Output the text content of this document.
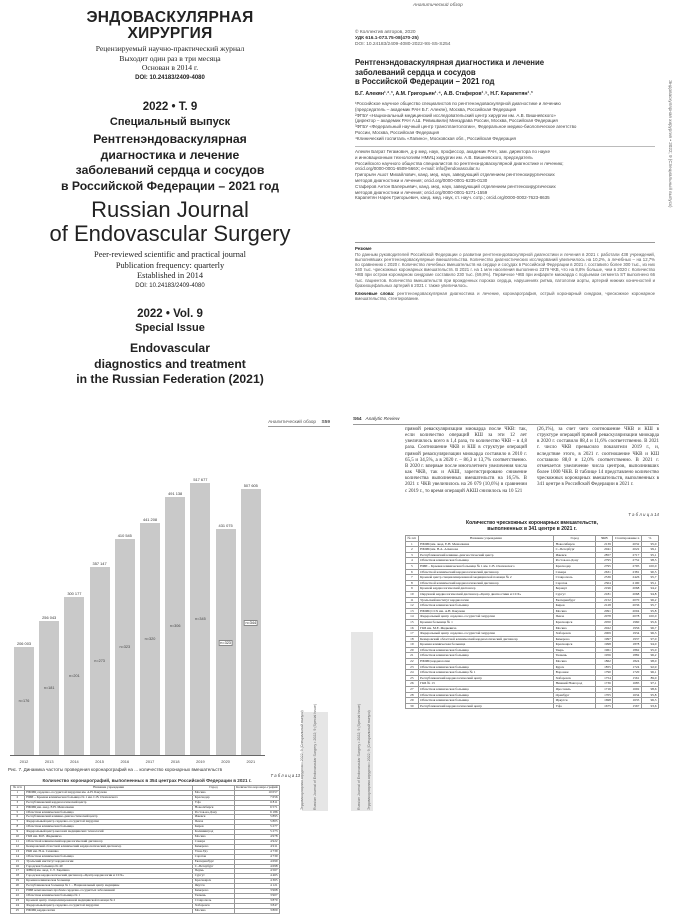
ЭНДОВАСКУЛЯРНАЯ
ХИРУРГИЯ
Рецензируемый научно-практический журнал
Выходит один раз в три месяца
Основан в 2014 г.
DOI: 10.24183/2409-4080
2022 • Т. 9
Специальный выпуск
Рентгенэндоваскулярная
диагностика и лечение
заболеваний сердца и сосудов
в Российской Федерации – 2021 год
Russian Journal
of Endovascular Surgery
Peer-reviewed scientific and practical journal
Publication frequency: quarterly
Established in 2014
DOI: 10.24183/2409-4080
2022 • Vol. 9
Special Issue
Endovascular
diagnostics and treatment
in the Russian Federation (2021)
Аналитический обзор
© Коллектив авторов, 2020
УДК 616.1-073.75-08(470-25)
DOI: 10.24183/2409-4080-2022-9S-S5-S254
Рентгенэндоваскулярная диагностика и лечение
заболеваний сердца и сосудов
в Российской Федерации – 2021 год
Б.Г. Алекян¹˒²˒³, А.М. Григорьян¹˒⁴, А.В. Стаферов¹˒⁵, Н.Г. Карапетян¹˒³
¹Российское научное общество специалистов по рентгенэндоваскулярной диагностике и лечению
(председатель – академик РАН Б.Г. Алекян), Москва, Российская Федерация
²ФГБУ «Национальный медицинский исследовательский центр хирургии им. А.В. Вишневского»
(директор – академик РАН А.Ш. Ревишвили) Минздрава России, Москва, Российская Федерация
³ФГБУ «Федеральный научный центр трансплантологии», Федеральное медико-биологическое агентство
России, Москва, Российская Федерация
⁴Клинический госпиталь «Лапино», Московская обл., Российская Федерация
Алекян Баграт Гегамович, д-р мед. наук, профессор, академик РАН, зам. директора по науке
и инновационным технологиям НМИЦ хирургии им. А.В. Вишневского, председатель
Российского научного общества специалистов по рентгенэндоваскулярной диагностике и лечению;
orcid.org/0000-0001-6509-566X; e-mail: info@endovascular.ru
Григорьян Ашот Михайлович, канд. мед. наук, заведующий отделением рентгенохирургических
методов диагностики и лечения; orcid.org/0000-0001-6235-0130
Стаферов Антон Валерьевич, канд. мед. наук, заведующий отделением рентгенохирургических
методов диагностики и лечения; orcid.org/0000-0001-5271-1559
Карапетян Нарек Григорьевич, канд. мед. наук, ст. науч. сотр.; orcid.org/0000-0002-7623-8635
Резюме
По данным руководителей Российской Федерации о развитии рентгенэндоваскулярной диагностики и лечения в 2021 г. работали 438 учреждений, выполнявших рентгенэндоваскулярные вмешательства. Количество диагностических исследований увеличилось на 10,2%, а лечебных – на 12,7% по сравнению с 2020 г. Количество лечебных вмешательств на сердце и сосудах в Российской Федерации в 2021 г. составило более 300 тыс., из них 340 тыс. чрескожных коронарных вмешательств. В 2021 г. на 1 млн населения выполнено 2379 ЧКВ, что на 8,8% больше, чем в 2020 г. Количество ЧКВ при остром коронарном синдроме составило 230 тыс. (69,8%). Первичное ЧКВ при инфаркте миокарда с подъемом сегмента ST выполнено 66 тыс. пациентов. Количество вмешательств при врожденных пороках сердца, нарушениях ритма, патологии аорты, артерий нижних конечностей и брахиоцефальных артерий в 2021 г. также увеличилось.
Ключевые слова: рентгенэндоваскулярная диагностика и лечение, коронарография, острый коронарный синдром, чрескожное коронарное вмешательство, стентирование.
Эндоваскулярная хирургия • 2022; 9 (Специальный выпуск)
Аналитический обзор S59
206 003
n=176
2012
256 043
n=181
2013
300 177
n=201
2014
357 147
n=273
2015
410 545
n=323
2016
441 208
n=320
2017
491 138
n=306
2018
517 677
n=345
2019
431 075
n=323
2020
507 605
n=344
2021
Рис. 7. Динамика частоты проведения коронарографий на ... количество коронарных вмешательств
Т а б л и ц а 13
Количество коронарографий, выполненных в 354 центрах Российской Федерации в 2021 г.
№ п/п	Название учреждения	Город	Количество коронаро-графий
1	НМИЦ сердечно-сосудистой хирургии им. А.Н. Бакулева	Москва	10 057
2	НИИ – Краевая клиническая больница № 1 им. С.В. Очаповского	Краснодар	7 656
3	Республиканский кардиологический центр	Уфа	6 811
4	НМИЦ им. акад. Е.Н. Мешалкина	Новосибирск	6 571
5	Областная клиническая больница	Ростов-на-Дону	6 186
6	Республиканский клинико-диагностический центр	Ижевск	5 895
7	Федеральный центр сердечно-сосудистой хирургии	Пенза	5 805
8	Областная клиническая больница	Киров	5 277
9	Федеральный центр высоких медицинских технологий	Калининград	5 273
10	ГКБ им. М.Е. Жадкевича	Москва	4 978
11	Областной клинический кардиологический диспансер	Самара	4 922
12	Кемеровский областной клинический кардиологический диспансер	Кемерово	4 911
13	РКБ им. Н.А. Семашко	Улан-Удэ	4 739
14	Областная клиническая больница	Саратов	4 730
15	Уральский институт кардиологии	Екатеринбург	4 699
16	Городская больница № 40	С.-Петербург	4 698
17	ФНКЦ им. акад. С.Т. Зацепина	Пермь	4 567
18	Городская кардиологический диспансер «Центр кардиологии и ССХ»	Сургут	4 465
19	Краевая клиническая больница	Красноярск	4 365
20	Республиканская больница № 1 – Национальный центр медицины	Якутск	4 121
21	НИИ комплексных проблем сердечно-сосудистых заболеваний	Кемерово	3 968
22	Областная клиническая больница № 1	Тюмень	3 907
23	Краевой центр специализированной медицинской помощи № 2	Ставрополь	3 870
24	Федеральный центр сердечно-сосудистой хирургии	Хабаровск	3 847
25	НМИЦ кардиологии	Москва	3 800
Эндоваскулярная хирургия • 2022; 9 (Специальный выпуск)	Russian Journal of Endovascular Surgery • 2022; 9 (Special Issue)
S64 Analytic Review
прямой реваскуляризации миокарда после ЧКВ: так, если количество операций КШ за эти 12 лет увеличилось всего в 1,4 раза, то количество ЧКВ – в 4,8 раза. Соотношение ЧКВ и КШ в структуре операций прямой реваскуляризации миокарда составило в 2010 г. 65,5 и 34,5%, а в 2020 г. – 86,3 и 13,7% соответственно. В 2020 г. впервые после многолетнего увеличения числа как ЧКВ, так и АКШ, зарегистрировано снижение количества выполненных вмешательств на 16,5%. В 2021 г. ЧКВ увеличилось на 26 079 (10,6%) в сравнении с 2019 г., то время операций АКШ снизилось на 10 521
(26,1%), за счет чего соотношение ЧКВ и КШ в структуре операций прямой реваскуляризации миокарда в 2020 г. составило 88,4 и 11,6% соответственно. В 2021 г. число ЧКВ превысило показатели 2019 г., и, вследствие этого, в 2021 г. соотношение ЧКВ и КШ составило 88,0 и 12,0% соответственно. В 2021 г. отмечается увеличение числа центров, выполнивших более 1000 ЧКВ. В таблице 14 представлено количество чрескожных коронарных вмешательств, выполненных в 341 центре в Российской Федерации в 2021 г.
Т а б л и ц а 14
Количество чрескожных коронарных вмешательств,
выполненных в 341 центре в 2021 г.
№ п/п	Название учреждения	Город	ЧКВ	Стентирование n	%
1	НМИЦ им. акад. Е.Н. Мешалкина	Новосибирск	2139	2032	95,0
2	НМИЦ им. В.А. Алмазова	С.-Петербург	2041	2022	99,1
3	Республиканский клинико-диагностический центр	Ижевск	2857	2717	95,1
4	Областная клиническая больница	Ростов-на-Дону	2795	2752	98,5
5	НИИ – Краевая клиническая больница № 1 им. С.В. Очаповского	Краснодар	2795	2795	100,0
6	Областной клинический кардиологический диспансер	Самара	2631	2381	90,5
7	Краевой центр специализированной медицинской помощи № 2	Ставрополь	2536	2426	95,7
8	Областной клинический кардиологический диспансер	Саратов	2304	2190	95,1
9	Краевой кардиологический диспансер	Барнаул	2196	2068	94,2
10	Окружной кардиологический диспансер «Центр диагностики и ССХ»	Сургут	2181	2068	94,8
11	Уральский институт кардиологии	Екатеринбург	2152	2070	96,2
12	Областная клиническая больница	Киров	2128	2036	95,7
13	НМИЦ ССХ им. А.Н. Бакулева	Москва	2091	2004	95,8
14	Федеральный центр сердечно-сосудистой хирургии	Пенза	2078	2078	100,0
15	Краевая больница № 1	Красноярск	2050	1960	95,6
16	ГКБ им. М.Е. Жадкевича	Москва	2022	1956	96,7
17	Федеральный центр сердечно-сосудистой хирургии	Хабаровск	2009	1934	96,3
18	Кемеровский областной клинический кардиологический диспансер	Кемерово	1997	1937	97,0
19	Краевая клиническая больница	Красноярск	1998	1878	94,0
20	Областная клиническая больница	Тверь	1961	1862	95,0
21	Областная клиническая больница	Тюмень	1956	1882	96,2
22	НМИЦ кардиологии	Москва	1862	1824	98,0
23	Областная клиническая больница	Курск	1855	1724	92,9
24	Областная клиническая больница № 1	Воронеж	1790	1720	96,1
25	Республиканский кардиологический центр	Хабаровск	1754	1561	89,0
26	ГКБ № 13	Нижний Новгород	1736	1685	97,1
27	Областная клиническая больница	Ярославль	1716	1692	98,6
28	Областная клиническая больница	Оренбург	1705	1634	95,8
29	Областная клиническая больница	Иркутск	1698	1635	96,3
30	Республиканский кардиологический центр	Уфа	1675	1567	93,6
Russian Journal of Endovascular Surgery • 2022; 9 (Special Issue) Эндоваскулярная хирургия • 2022; 9 (Специальный выпуск)
